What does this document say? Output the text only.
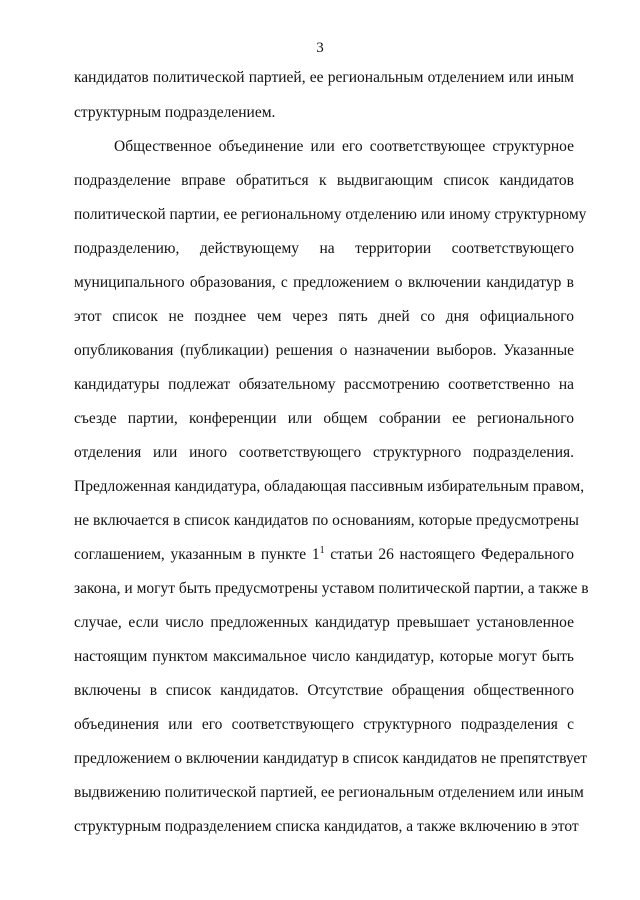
3
кандидатов политической партией, ее региональным отделением или иным
структурным подразделением.
Общественное объединение или его соответствующее структурное
подразделение вправе обратиться к выдвигающим список кандидатов
политической партии, ее региональному отделению или иному структурному
подразделению, действующему на территории соответствующего
муниципального образования, с предложением о включении кандидатур в
этот список не позднее чем через пять дней со дня официального
опубликования (публикации) решения о назначении выборов. Указанные
кандидатуры подлежат обязательному рассмотрению соответственно на
съезде партии, конференции или общем собрании ее регионального
отделения или иного соответствующего структурного подразделения.
Предложенная кандидатура, обладающая пассивным избирательным правом,
не включается в список кандидатов по основаниям, которые предусмотрены
соглашением, указанным в пункте $1^1$ статьи 26 настоящего Федерального
закона, и могут быть предусмотрены уставом политической партии, а также в
случае, если число предложенных кандидатур превышает установленное
настоящим пунктом максимальное число кандидатур, которые могут быть
включены в список кандидатов. Отсутствие обращения общественного
объединения или его соответствующего структурного подразделения с
предложением о включении кандидатур в список кандидатов не препятствует
выдвижению политической партией, ее региональным отделением или иным
структурным подразделением списка кандидатов, а также включению в этот
